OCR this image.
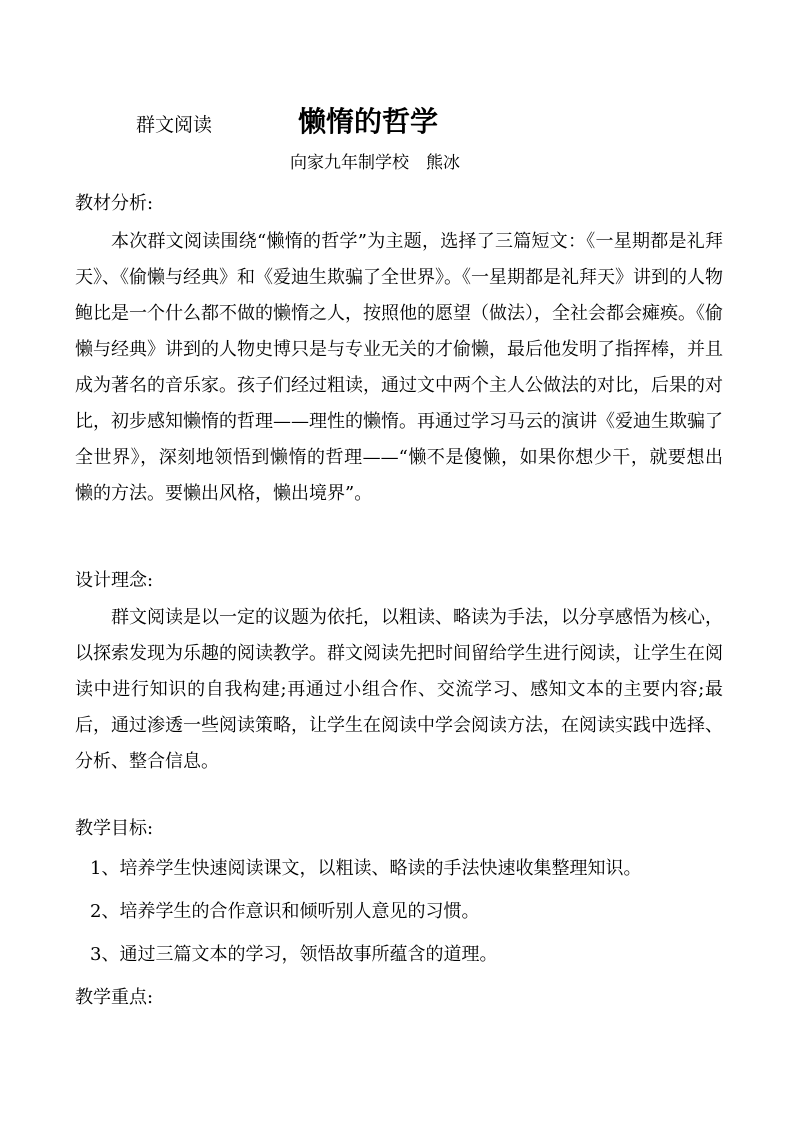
群文阅读	懒惰的哲学
向家九年制学校　熊冰
教材分析:

本次群文阅读围绕“懒惰的哲学”为主题，选择了三篇短文：《一星期都是礼拜天》、《偷懒与经典》和《爱迪生欺骗了全世界》。《一星期都是礼拜天》讲到的人物鲍比是一个什么都不做的懒惰之人，按照他的愿望（做法），全社会都会瘫痪。《偷懒与经典》讲到的人物史博只是与专业无关的才偷懒，最后他发明了指挥棒，并且成为著名的音乐家。孩子们经过粗读，通过文中两个主人公做法的对比，后果的对比，初步感知懒惰的哲理——理性的懒惰。再通过学习马云的演讲《爱迪生欺骗了全世界》，深刻地领悟到懒惰的哲理——“懒不是傻懒，如果你想少干，就要想出懒的方法。要懒出风格，懒出境界”。

设计理念:

群文阅读是以一定的议题为依托，以粗读、略读为手法，以分享感悟为核心，以探索发现为乐趣的阅读教学。群文阅读先把时间留给学生进行阅读，让学生在阅读中进行知识的自我构建;再通过小组合作、交流学习、感知文本的主要内容;最后，通过渗透一些阅读策略，让学生在阅读中学会阅读方法，在阅读实践中选择、分析、整合信息。

教学目标:
1、培养学生快速阅读课文，以粗读、略读的手法快速收集整理知识。
2、培养学生的合作意识和倾听别人意见的习惯。
3、通过三篇文本的学习，领悟故事所蕴含的道理。
教学重点:
